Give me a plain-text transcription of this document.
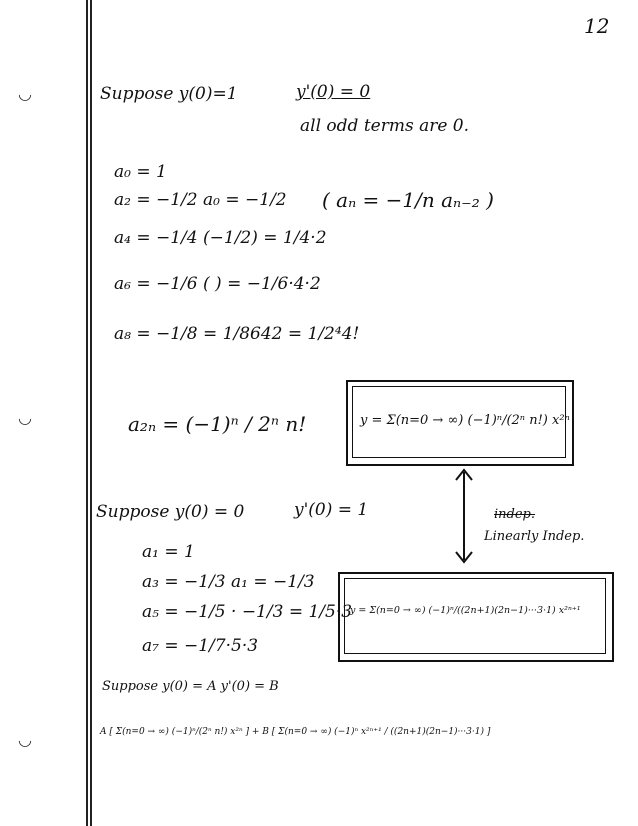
◡
◡
◡
12
Suppose y(0)=1	y'(0) = 0
all odd terms are 0.
a₀ = 1
a₂ = −1/2 a₀ = −1/2 ( aₙ = −1/n aₙ₋₂ )
a₄ = −1/4 (−1/2) = 1/4·2
a₆ = −1/6 ( ) = −1/6·4·2
a₈ = −1/8 = 1/8642 = 1/2⁴4!
a₂ₙ = (−1)ⁿ / 2ⁿ n!	y = Σ(n=0 → ∞) (−1)ⁿ/(2ⁿ n!) x²ⁿ
indep.
Linearly Indep.
Suppose y(0) = 0	y'(0) = 1
a₁ = 1
a₃ = −1/3 a₁ = −1/3
a₅ = −1/5 · −1/3 = 1/5·3
a₇ = −1/7·5·3
y = Σ(n=0 → ∞) (−1)ⁿ/((2n+1)(2n−1)···3·1) x²ⁿ⁺¹
Suppose y(0) = A y'(0) = B
A [ Σ(n=0 → ∞) (−1)ⁿ/(2ⁿ n!) x²ⁿ ] + B [ Σ(n=0 → ∞) (−1)ⁿ x²ⁿ⁺¹ / ((2n+1)(2n−1)···3·1) ]
